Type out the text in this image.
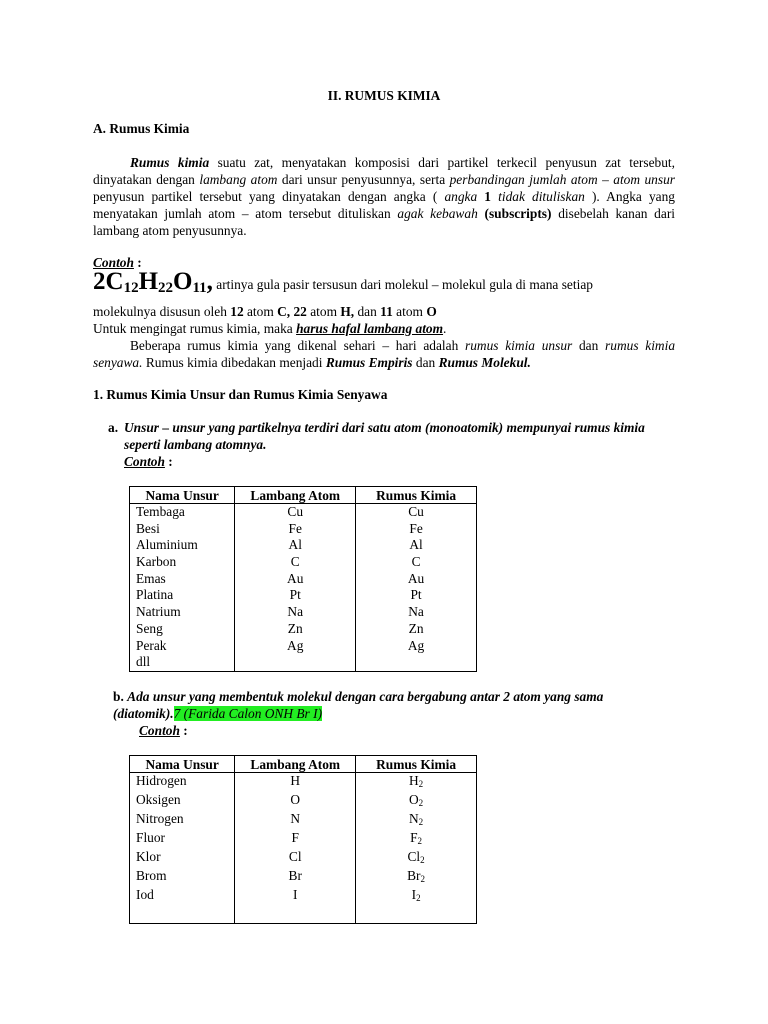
II. RUMUS KIMIA
A. Rumus Kimia
Rumus kimia suatu zat, menyatakan komposisi dari partikel terkecil penyusun zat tersebut, dinyatakan dengan lambang atom dari unsur penyusunnya, serta perbandingan jumlah atom – atom unsur penyusun partikel tersebut yang dinyatakan dengan angka ( angka 1 tidak dituliskan ). Angka yang menyatakan jumlah atom – atom tersebut dituliskan agak kebawah (subscripts) disebelah kanan dari lambang atom penyusunnya.
Contoh :
$2C_{12}H_{22}O_{11}$, artinya gula pasir tersusun dari molekul – molekul gula di mana setiap
molekulnya disusun oleh 12 atom C, 22 atom H, dan 11 atom O
Untuk mengingat rumus kimia, maka harus hafal lambang atom.
Beberapa rumus kimia yang dikenal sehari – hari adalah rumus kimia unsur dan rumus kimia senyawa. Rumus kimia dibedakan menjadi Rumus Empiris dan Rumus Molekul.
1. Rumus Kimia Unsur dan Rumus Kimia Senyawa
a. Unsur – unsur yang partikelnya terdiri dari satu atom (monoatomik) mempunyai rumus kimia seperti lambang atomnya.
Contoh :
Nama Unsur	Lambang Atom	Rumus Kimia
Tembaga	Cu	Cu
Besi	Fe	Fe
Aluminium	Al	Al
Karbon	C	C
Emas	Au	Au
Platina	Pt	Pt
Natrium	Na	Na
Seng	Zn	Zn
Perak	Ag	Ag
dll		
b. Ada unsur yang membentuk molekul dengan cara bergabung antar 2 atom yang sama (diatomik).7 (Farida Calon ONH Br I)
Contoh :
Nama Unsur	Lambang Atom	Rumus Kimia
Hidrogen	H	$H_2$
Oksigen	O	$O_2$
Nitrogen	N	$N_2$
Fluor	F	$F_2$
Klor	Cl	$Cl_2$
Brom	Br	$Br_2$
Iod	I	$I_2$
